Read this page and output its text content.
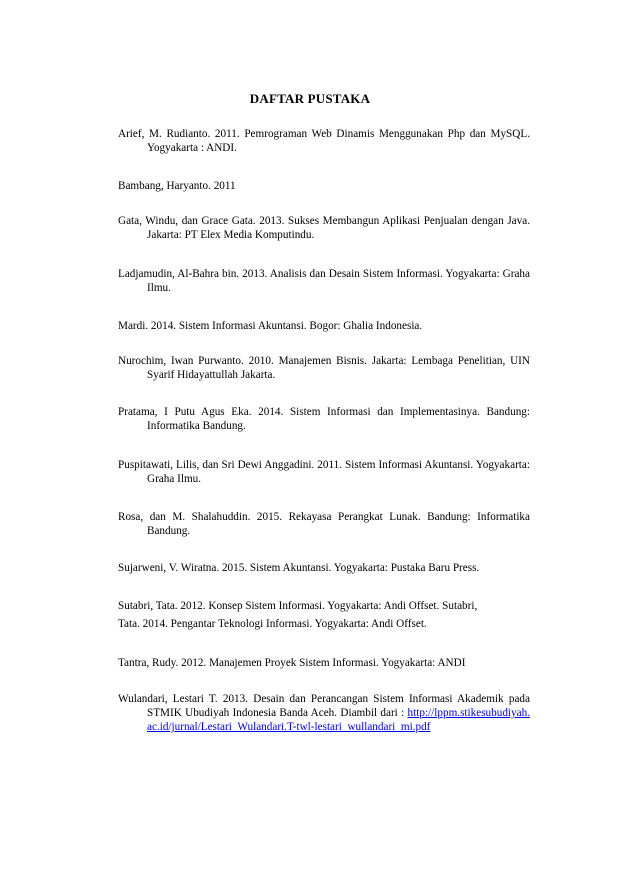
DAFTAR PUSTAKA
Arief, M. Rudianto. 2011. Pemrograman Web Dinamis Menggunakan Php dan MySQL. Yogyakarta : ANDI.
Bambang, Haryanto. 2011
Gata, Windu, dan Grace Gata. 2013. Sukses Membangun Aplikasi Penjualan dengan Java. Jakarta: PT Elex Media Komputindu.
Ladjamudin, Al-Bahra bin. 2013. Analisis dan Desain Sistem Informasi. Yogyakarta: Graha Ilmu.
Mardi. 2014. Sistem Informasi Akuntansi. Bogor: Ghalia Indonesia.
Nurochim, Iwan Purwanto. 2010. Manajemen Bisnis. Jakarta: Lembaga Penelitian, UIN Syarif Hidayattullah Jakarta.
Pratama, I Putu Agus Eka. 2014. Sistem Informasi dan Implementasinya. Bandung: Informatika Bandung.
Puspitawati, Lilis, dan Sri Dewi Anggadini. 2011. Sistem Informasi Akuntansi. Yogyakarta: Graha Ilmu.
Rosa, dan M. Shalahuddin. 2015. Rekayasa Perangkat Lunak. Bandung: Informatika Bandung.
Sujarweni, V. Wiratna. 2015. Sistem Akuntansi. Yogyakarta: Pustaka Baru Press.
Sutabri, Tata. 2012. Konsep Sistem Informasi. Yogyakarta: Andi Offset. Sutabri,
Tata. 2014. Pengantar Teknologi Informasi. Yogyakarta: Andi Offset.
Tantra, Rudy. 2012. Manajemen Proyek Sistem Informasi. Yogyakarta: ANDI
Wulandari, Lestari T. 2013. Desain dan Perancangan Sistem Informasi Akademik pada STMIK Ubudiyah Indonesia Banda Aceh. Diambil dari : http://lppm.stikesubudiyah.ac.id/jurnal/Lestari_Wulandari.T-twl-lestari_wullandari_mi.pdf
